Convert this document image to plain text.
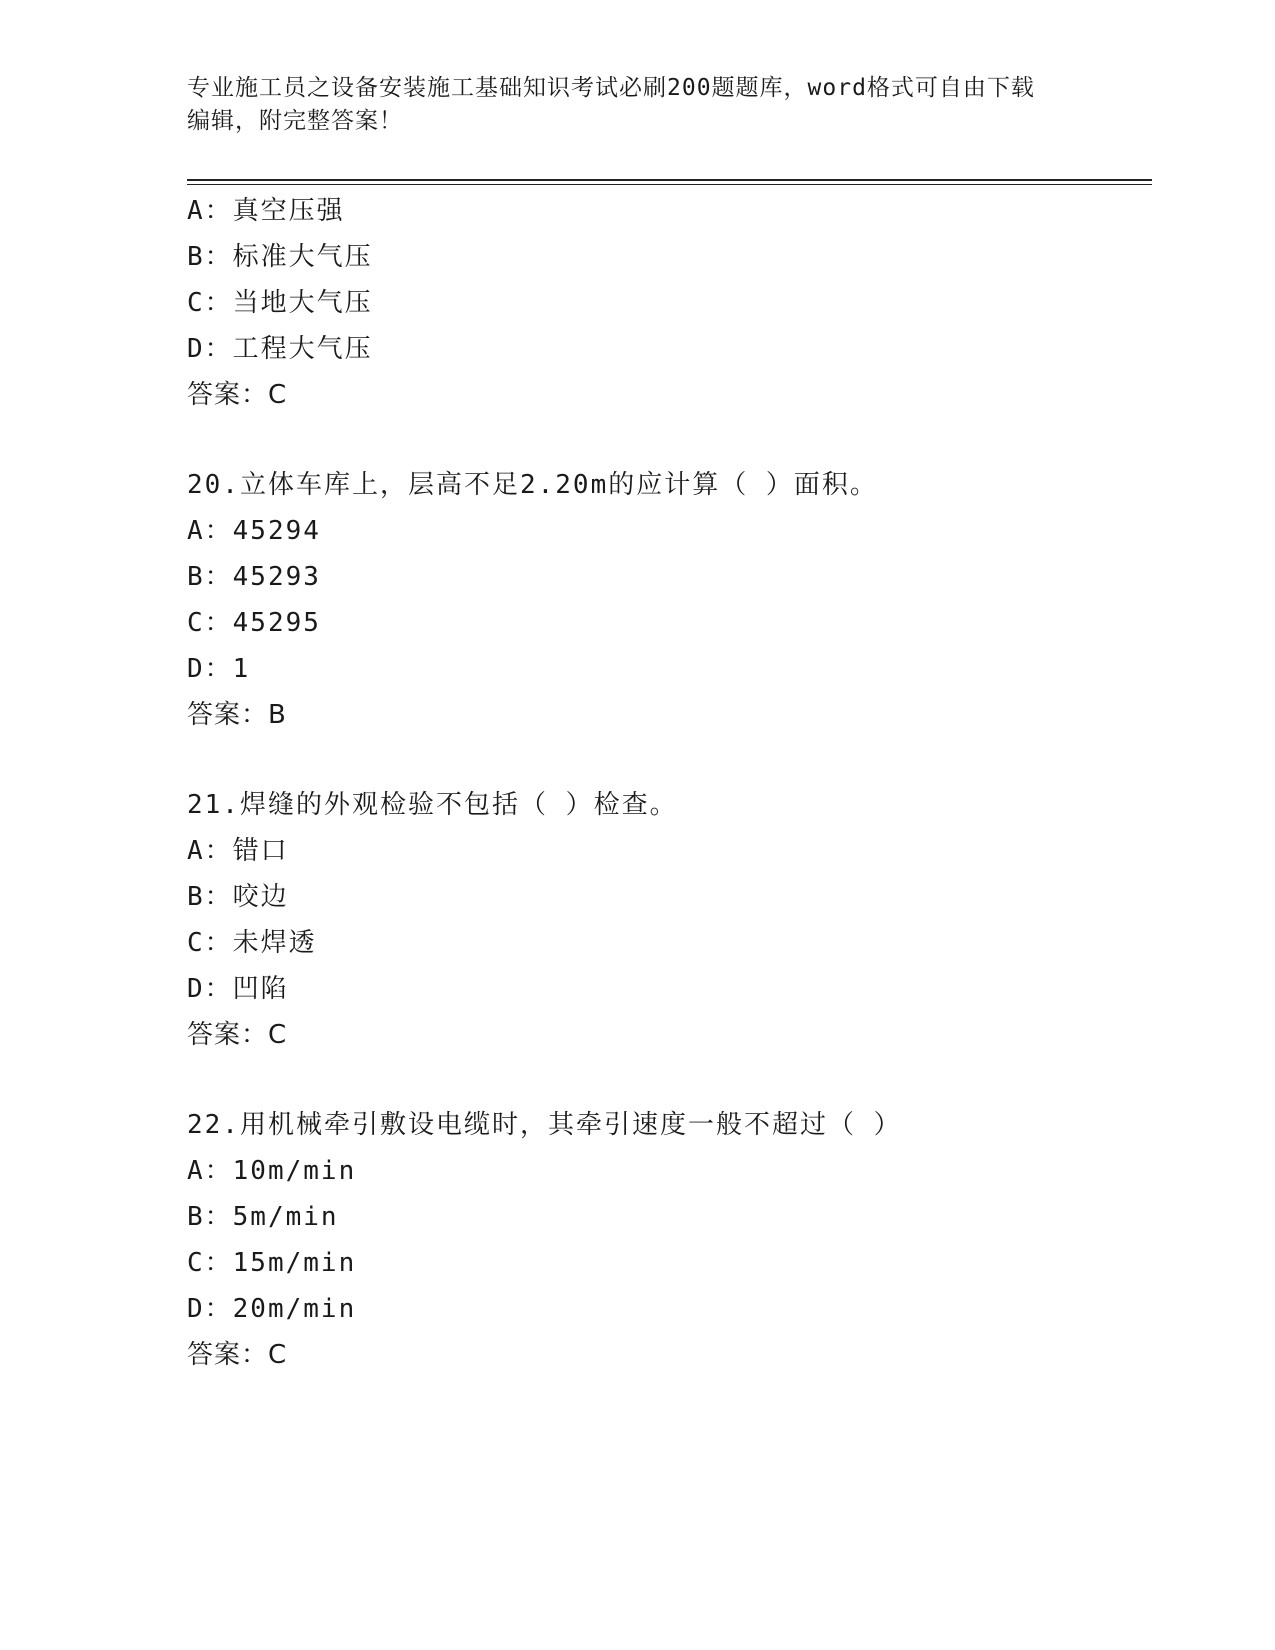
专业施工员之设备安装施工基础知识考试必刷200题题库，word格式可自由下载
编辑，附完整答案！
A：真空压强
B：标准大气压
C：当地大气压
D：工程大气压
答案：C
20.立体车库上，层高不足2.20m的应计算（ ）面积。
A：45294
B：45293
C：45295
D：1
答案：B
21.焊缝的外观检验不包括（ ）检查。
A：错口
B：咬边
C：未焊透
D：凹陷
答案：C
22.用机械牵引敷设电缆时，其牵引速度一般不超过（ ）
A：10m/min
B：5m/min
C：15m/min
D：20m/min
答案：C
